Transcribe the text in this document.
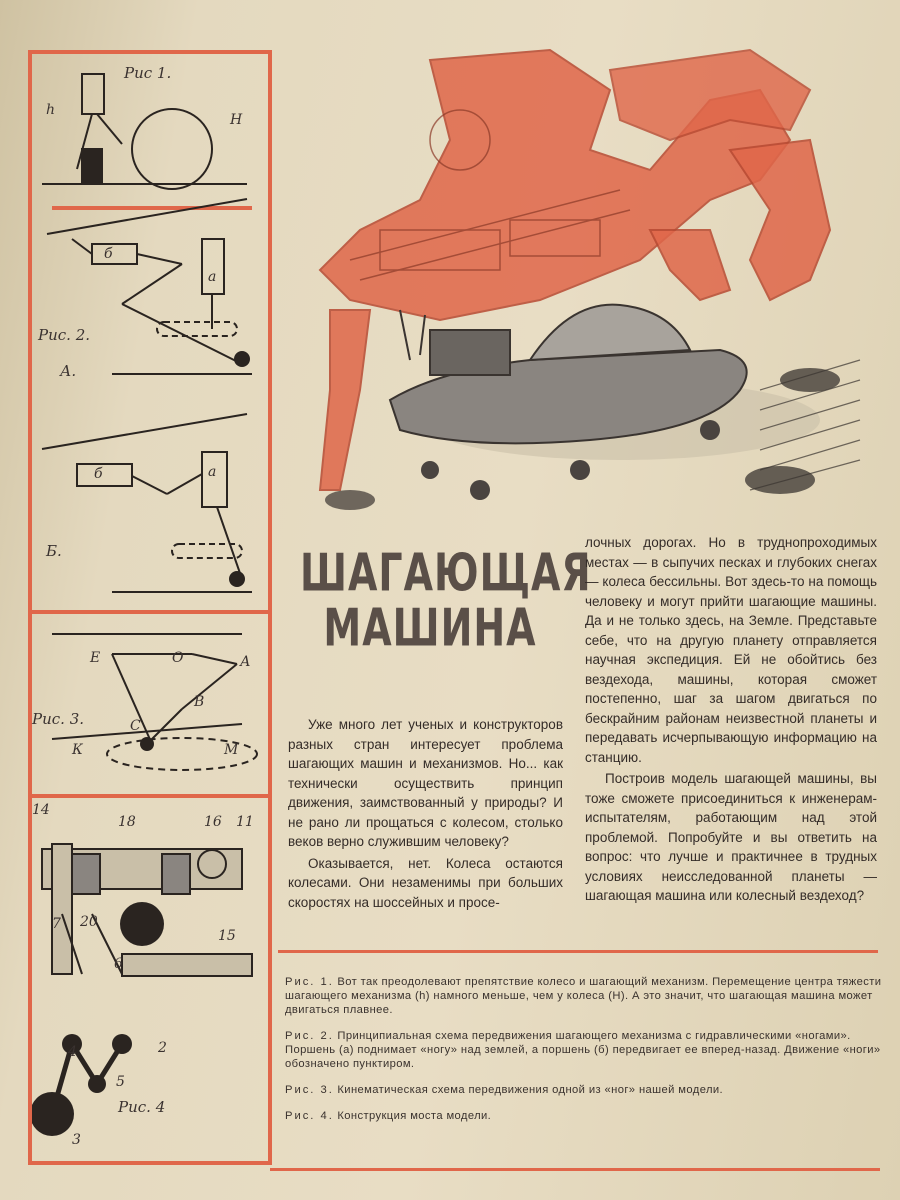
Рис 1.
h
H
б
а
Рис. 2.
А.
б	а
Б.
Е	О	А
В
С
К	М
Рис. 3.
14
18	16 11
7 20
15
6
2
4
5
3
Рис. 4
ШАГАЮЩАЯ
МАШИНА

Уже много лет ученых и конструкторов разных стран интересует проблема шагающих машин и механизмов. Но... как технически осуществить принцип движения, заимствованный у природы? И не рано ли прощаться с колесом, столько веков верно служившим человеку?

Оказывается, нет. Колеса остаются колесами. Они незаменимы при больших скоростях на шоссейных и просе-

лочных дорогах. Но в труднопроходимых местах — в сыпучих песках и глубоких снегах — колеса бессильны. Вот здесь-то на помощь человеку и могут прийти шагающие машины. Да и не только здесь, на Земле. Представьте себе, что на другую планету отправляется научная экспедиция. Ей не обойтись без вездехода, машины, которая сможет постепенно, шаг за шагом двигаться по бескрайним районам неизвестной планеты и передавать исчерпывающую информацию на станцию.

Построив модель шагающей машины, вы тоже сможете присоединиться к инженерам-испытателям, работающим над этой проблемой. Попробуйте и вы ответить на вопрос: что лучше и практичнее в трудных условиях неисследованной планеты — шагающая машина или колесный вездеход?

Рис. 1. Вот так преодолевают препятствие колесо и шагающий механизм. Перемещение центра тяжести шагающего механизма (h) намного меньше, чем у колеса (Н). А это значит, что шагающая машина может двигаться плавнее.

Рис. 2. Принципиальная схема передвижения шагающего механизма с гидравлическими «ногами». Поршень (а) поднимает «ногу» над землей, а поршень (б) передвигает ее вперед-назад. Движение «ноги» обозначено пунктиром.

Рис. 3. Кинематическая схема передвижения одной из «ног» нашей модели.

Рис. 4. Конструкция моста модели.
